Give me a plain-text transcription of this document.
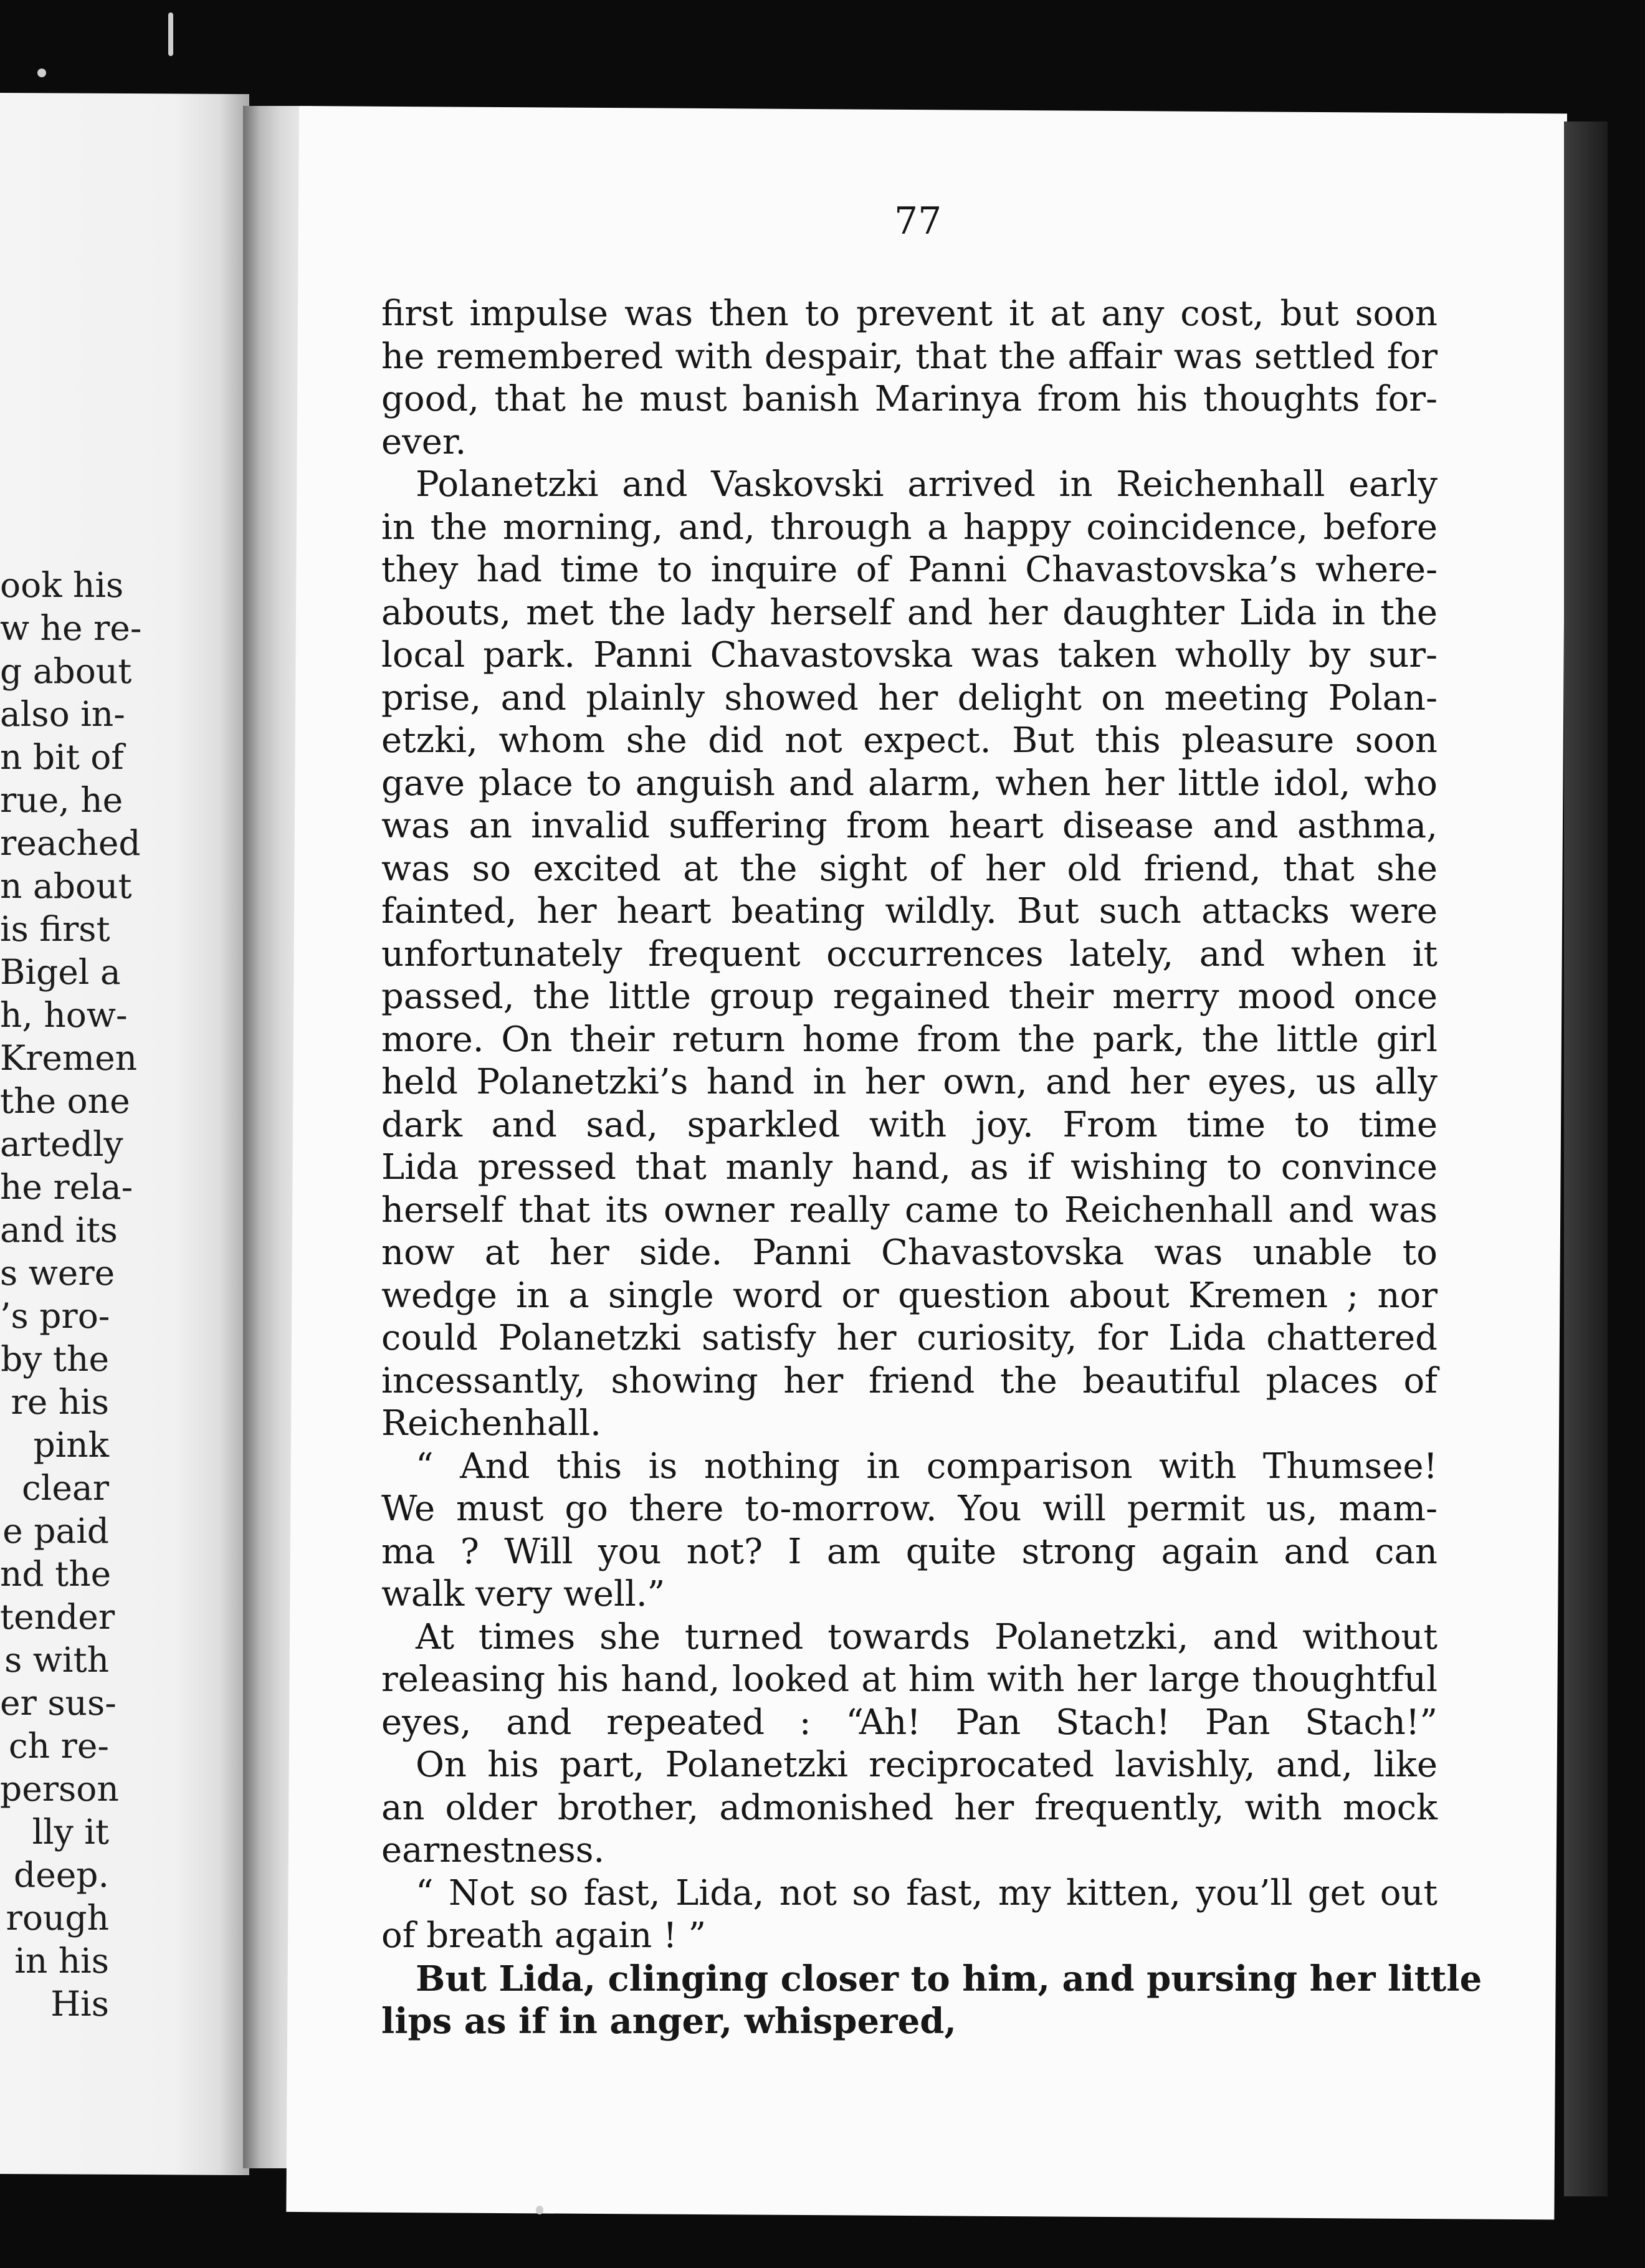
ook his
w he re-
g about
also in-
n bit of
rue, he
reached
n about
is first
Bigel a
h, how-
Kremen
the one
artedly
he rela-
and its
s were
’s pro-
by the
re his
pink
clear
e paid
nd the
tender
s with
er sus-
ch re-
person
lly it
deep.
rough
in his
His
77
first impulse was then to prevent it at any cost, but soon
he remembered with despair, that the affair was settled for
good, that he must banish Marinya from his thoughts for-
ever.
Polanetzki and Vaskovski arrived in Reichenhall early
in the morning, and, through a happy coincidence, before
they had time to inquire of Panni Chavastovska’s where-
abouts, met the lady herself and her daughter Lida in the
local park. Panni Chavastovska was taken wholly by sur-
prise, and plainly showed her delight on meeting Polan-
etzki, whom she did not expect. But this pleasure soon
gave place to anguish and alarm, when her little idol, who
was an invalid suffering from heart disease and asthma,
was so excited at the sight of her old friend, that she
fainted, her heart beating wildly. But such attacks were
unfortunately frequent occurrences lately, and when it
passed, the little group regained their merry mood once
more. On their return home from the park, the little girl
held Polanetzki’s hand in her own, and her eyes, us ally
dark and sad, sparkled with joy. From time to time
Lida pressed that manly hand, as if wishing to convince
herself that its owner really came to Reichenhall and was
now at her side. Panni Chavastovska was unable to
wedge in a single word or question about Kremen ; nor
could Polanetzki satisfy her curiosity, for Lida chattered
incessantly, showing her friend the beautiful places of
Reichenhall.
“ And this is nothing in comparison with Thumsee!
We must go there to-morrow. You will permit us, mam-
ma ? Will you not? I am quite strong again and can
walk very well.”
At times she turned towards Polanetzki, and without
releasing his hand, looked at him with her large thoughtful
eyes, and repeated : “Ah! Pan Stach! Pan Stach!”
On his part, Polanetzki reciprocated lavishly, and, like
an older brother, admonished her frequently, with mock
earnestness.
“ Not so fast, Lida, not so fast, my kitten, you’ll get out
of breath again ! ”
But Lida, clinging closer to him, and pursing her little
lips as if in anger, whispered,
